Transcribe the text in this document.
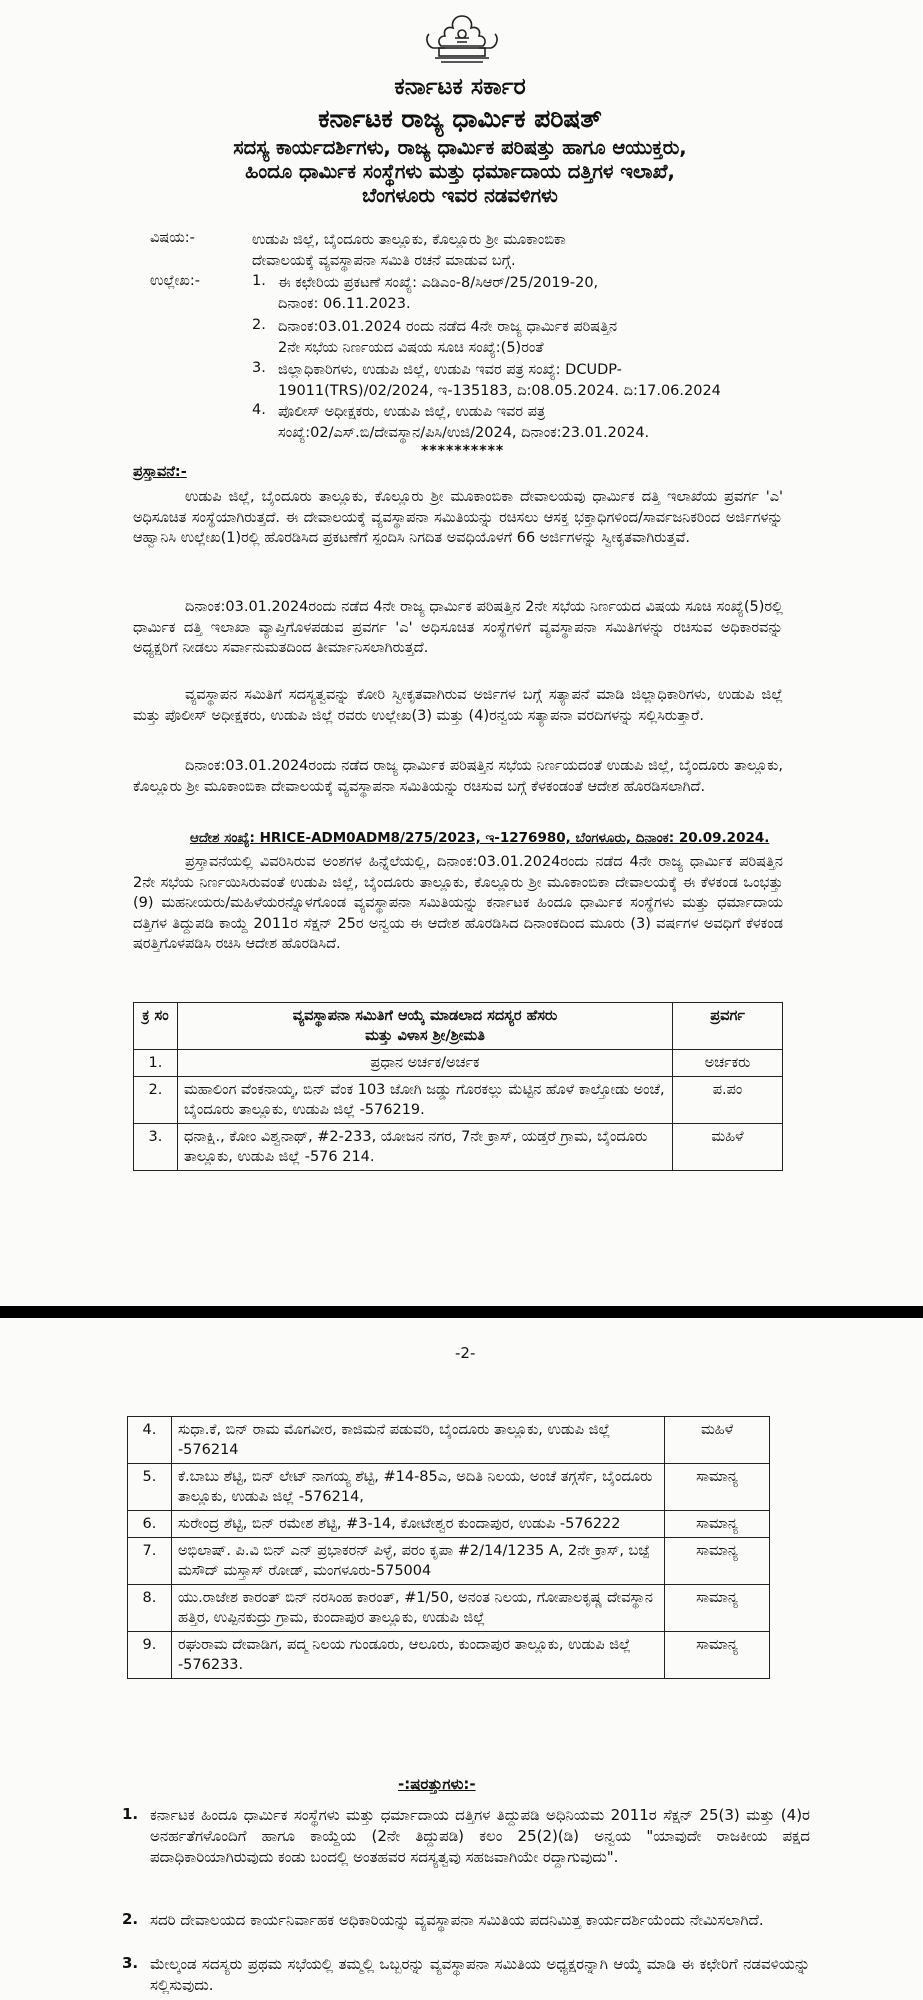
ಕರ್ನಾಟಕ ಸರ್ಕಾರ
ಕರ್ನಾಟಕ ರಾಜ್ಯ ಧಾರ್ಮಿಕ ಪರಿಷತ್
ಸದಸ್ಯ ಕಾರ್ಯದರ್ಶಿಗಳು, ರಾಜ್ಯ ಧಾರ್ಮಿಕ ಪರಿಷತ್ತು ಹಾಗೂ ಆಯುಕ್ತರು,
ಹಿಂದೂ ಧಾರ್ಮಿಕ ಸಂಸ್ಥೆಗಳು ಮತ್ತು ಧರ್ಮಾದಾಯ ದತ್ತಿಗಳ ಇಲಾಖೆ,
ಬೆಂಗಳೂರು ಇವರ ನಡವಳಿಗಳು
ವಿಷಯ:-	ಉಡುಪಿ ಜಿಲ್ಲೆ, ಬೈಂದೂರು ತಾಲ್ಲೂಕು, ಕೊಲ್ಲೂರು ಶ್ರೀ ಮೂಕಾಂಬಿಕಾ
ದೇವಾಲಯಕ್ಕೆ ವ್ಯವಸ್ಥಾಪನಾ ಸಮಿತಿ ರಚನೆ ಮಾಡುವ ಬಗ್ಗೆ.
ಉಲ್ಲೇಖ:-	1. ಈ ಕಛೇರಿಯ ಪ್ರಕಟಣೆ ಸಂಖ್ಯೆ: ಎಡಿಎಂ-8/ಸಿಆರ್/25/2019-20,
ದಿನಾಂಕ: 06.11.2023.
2. ದಿನಾಂಕ:03.01.2024 ರಂದು ನಡೆದ 4ನೇ ರಾಜ್ಯ ಧಾರ್ಮಿಕ ಪರಿಷತ್ತಿನ
2ನೇ ಸಭೆಯ ನಿರ್ಣಯದ ವಿಷಯ ಸೂಚಿ ಸಂಖ್ಯೆ:(5)ರಂತೆ
3. ಜಿಲ್ಲಾಧಿಕಾರಿಗಳು, ಉಡುಪಿ ಜಿಲ್ಲೆ, ಉಡುಪಿ ಇವರ ಪತ್ರ ಸಂಖ್ಯೆ: DCUDP-
19011(TRS)/02/2024, ಇ-135183, ದಿ:08.05.2024. ದಿ:17.06.2024
4. ಪೊಲೀಸ್ ಅಧೀಕ್ಷಕರು, ಉಡುಪಿ ಜಿಲ್ಲೆ, ಉಡುಪಿ ಇವರ ಪತ್ರ
ಸಂಖ್ಯೆ:02/ಎಸ್.ಬಿ/ದೇವಸ್ಥಾನ/ಪಿಸಿ/ಉಜಿ/2024, ದಿನಾಂಕ:23.01.2024.
**********
ಪ್ರಸ್ತಾವನೆ:-
ಉಡುಪಿ ಜಿಲ್ಲೆ, ಬೈಂದೂರು ತಾಲ್ಲೂಕು, ಕೊಲ್ಲೂರು ಶ್ರೀ ಮೂಕಾಂಬಿಕಾ ದೇವಾಲಯವು ಧಾರ್ಮಿಕ ದತ್ತಿ ಇಲಾಖೆಯ ಪ್ರವರ್ಗ 'ಎ' ಅಧಿಸೂಚಿತ ಸಂಸ್ಥೆಯಾಗಿರುತ್ತದೆ. ಈ ದೇವಾಲಯಕ್ಕೆ ವ್ಯವಸ್ಥಾಪನಾ ಸಮಿತಿಯನ್ನು ರಚಿಸಲು ಆಸಕ್ತ ಭಕ್ತಾಧಿಗಳಿಂದ/ಸಾರ್ವಜನಿಕರಿಂದ ಅರ್ಜಿಗಳನ್ನು ಆಹ್ವಾನಿಸಿ ಉಲ್ಲೇಖ(1)ರಲ್ಲಿ ಹೊರಡಿಸಿದ ಪ್ರಕಟಣೆಗೆ ಸ್ಪಂದಿಸಿ ನಿಗದಿತ ಅವಧಿಯೊಳಗೆ 66 ಅರ್ಜಿಗಳನ್ನು ಸ್ವೀಕೃತವಾಗಿರುತ್ತವೆ.
ದಿನಾಂಕ:03.01.2024ರಂದು ನಡೆದ 4ನೇ ರಾಜ್ಯ ಧಾರ್ಮಿಕ ಪರಿಷತ್ತಿನ 2ನೇ ಸಭೆಯ ನಿರ್ಣಯದ ವಿಷಯ ಸೂಚಿ ಸಂಖ್ಯೆ(5)ರಲ್ಲಿ ಧಾರ್ಮಿಕ ದತ್ತಿ ಇಲಾಖಾ ವ್ಯಾಪ್ತಿಗೊಳಪಡುವ ಪ್ರವರ್ಗ 'ಎ' ಅಧಿಸೂಚಿತ ಸಂಸ್ಥೆಗಳಿಗೆ ವ್ಯವಸ್ಥಾಪನಾ ಸಮಿತಿಗಳನ್ನು ರಚಿಸುವ ಅಧಿಕಾರವನ್ನು ಅಧ್ಯಕ್ಷರಿಗೆ ನೀಡಲು ಸರ್ವಾನುಮತದಿಂದ ತೀರ್ಮಾನಿಸಲಾಗಿರುತ್ತದೆ.
ವ್ಯವಸ್ಥಾಪನ ಸಮಿತಿಗೆ ಸದಸ್ಯತ್ವವನ್ನು ಕೋರಿ ಸ್ವೀಕೃತವಾಗಿರುವ ಅರ್ಜಿಗಳ ಬಗ್ಗೆ ಸತ್ಯಾಪನೆ ಮಾಡಿ ಜಿಲ್ಲಾಧಿಕಾರಿಗಳು, ಉಡುಪಿ ಜಿಲ್ಲೆ ಮತ್ತು ಪೊಲೀಸ್ ಅಧೀಕ್ಷಕರು, ಉಡುಪಿ ಜಿಲ್ಲೆ ರವರು ಉಲ್ಲೇಖ(3) ಮತ್ತು (4)ರನ್ವಯ ಸತ್ಯಾಪನಾ ವರದಿಗಳನ್ನು ಸಲ್ಲಿಸಿರುತ್ತಾರೆ.
ದಿನಾಂಕ:03.01.2024ರಂದು ನಡೆದ ರಾಜ್ಯ ಧಾರ್ಮಿಕ ಪರಿಷತ್ತಿನ ಸಭೆಯ ನಿರ್ಣಯದಂತೆ ಉಡುಪಿ ಜಿಲ್ಲೆ, ಬೈಂದೂರು ತಾಲ್ಲೂಕು, ಕೊಲ್ಲೂರು ಶ್ರೀ ಮೂಕಾಂಬಿಕಾ ದೇವಾಲಯಕ್ಕೆ ವ್ಯವಸ್ಥಾಪನಾ ಸಮಿತಿಯನ್ನು ರಚಿಸುವ ಬಗ್ಗೆ ಕೆಳಕಂಡಂತೆ ಆದೇಶ ಹೊರಡಿಸಲಾಗಿದೆ.
ಆದೇಶ ಸಂಖ್ಯೆ: HRICE-ADM0ADM8/275/2023, ಇ-1276980, ಬೆಂಗಳೂರು, ದಿನಾಂಕ: 20.09.2024.
ಪ್ರಸ್ತಾವನೆಯಲ್ಲಿ ವಿವರಿಸಿರುವ ಅಂಶಗಳ ಹಿನ್ನೆಲೆಯಲ್ಲಿ, ದಿನಾಂಕ:03.01.2024ರಂದು ನಡೆದ 4ನೇ ರಾಜ್ಯ ಧಾರ್ಮಿಕ ಪರಿಷತ್ತಿನ 2ನೇ ಸಭೆಯ ನಿರ್ಣಯಿಸಿರುವಂತೆ ಉಡುಪಿ ಜಿಲ್ಲೆ, ಬೈಂದೂರು ತಾಲ್ಲೂಕು, ಕೊಲ್ಲೂರು ಶ್ರೀ ಮೂಕಾಂಬಿಕಾ ದೇವಾಲಯಕ್ಕೆ ಈ ಕೆಳಕಂಡ ಒಂಭತ್ತು (9) ಮಹನೀಯರು/ಮಹಿಳೆಯರನ್ನೊಳಗೊಂಡ ವ್ಯವಸ್ಥಾಪನಾ ಸಮಿತಿಯನ್ನು ಕರ್ನಾಟಕ ಹಿಂದೂ ಧಾರ್ಮಿಕ ಸಂಸ್ಥೆಗಳು ಮತ್ತು ಧರ್ಮಾದಾಯ ದತ್ತಿಗಳ ತಿದ್ದುಪಡಿ ಕಾಯ್ದೆ 2011ರ ಸೆಕ್ಷನ್ 25ರ ಅನ್ವಯ ಈ ಆದೇಶ ಹೊರಡಿಸಿದ ದಿನಾಂಕದಿಂದ ಮೂರು (3) ವರ್ಷಗಳ ಅವಧಿಗೆ ಕೆಳಕಂಡ ಷರತ್ತಿಗೊಳಪಡಿಸಿ ರಚಿಸಿ ಆದೇಶ ಹೊರಡಿಸಿದೆ.
ಕ್ರ ಸಂ	ವ್ಯವಸ್ಥಾಪನಾ ಸಮಿತಿಗೆ ಆಯ್ಕೆ ಮಾಡಲಾದ ಸದಸ್ಯರ ಹೆಸರು
ಮತ್ತು ವಿಳಾಸ ಶ್ರೀ/ಶ್ರೀಮತಿ	ಪ್ರವರ್ಗ
1.	ಪ್ರಧಾನ ಅರ್ಚಕ/ಅರ್ಚಕ	ಅರ್ಚಕರು
2.	ಮಹಾಲಿಂಗ ವೆಂಕನಾಯ್ಕ, ಬಿನ್ ವೆಂಕ 103 ಜೋಗಿ ಜಡ್ಡು ಗೊರಕಲ್ಲು ಮೆಟ್ಟಿನ ಹೊಳೆ ಕಾಲ್ತೋಡು ಅಂಚೆ, ಬೈಂದೂರು ತಾಲ್ಲೂಕು, ಉಡುಪಿ ಜಿಲ್ಲೆ -576219.	ಪ.ಪಂ
3.	ಧನಾಕ್ಷಿ., ಕೋಂ ವಿಶ್ವನಾಥ್, #2-233, ಯೋಜನ ನಗರ, 7ನೇ ಕ್ರಾಸ್, ಯಡ್ತರೆ ಗ್ರಾಮ, ಬೈಂದೂರು ತಾಲ್ಲೂಕು, ಉಡುಪಿ ಜಿಲ್ಲೆ -576 214.	ಮಹಿಳೆ
-2-
4.	ಸುಧಾ.ಕೆ, ಬಿನ್ ರಾಮ ಮೊಗವೀರ, ಕಾಜಿಮನೆ ಪಡುವರಿ, ಬೈಂದೂರು ತಾಲ್ಲೂಕು, ಉಡುಪಿ ಜಿಲ್ಲೆ -576214	ಮಹಿಳೆ
5.	ಕೆ.ಬಾಬು ಶೆಟ್ಟಿ, ಬಿನ್ ಲೇಟ್ ನಾಗಯ್ಯ ಶೆಟ್ಟಿ, #14-85ಎ, ಅದಿತಿ ನಿಲಯ, ಅಂಚೆ ತಗ್ಗರ್ಸೆ, ಬೈಂದೂರು ತಾಲ್ಲೂಕು, ಉಡುಪಿ ಜಿಲ್ಲೆ -576214,	ಸಾಮಾನ್ಯ
6.	ಸುರೇಂದ್ರ ಶೆಟ್ಟಿ, ಬಿನ್ ರಮೇಶ ಶೆಟ್ಟಿ, #3-14, ಕೋಟೇಶ್ವರ ಕುಂದಾಪುರ, ಉಡುಪಿ -576222	ಸಾಮಾನ್ಯ
7.	ಅಭಿಲಾಷ್. ಪಿ.ವಿ ಬಿನ್ ಎನ್ ಪ್ರಭಾಕರನ್ ಪಿಳ್ಳೆ, ಪರಂ ಕೃಪಾ #2/14/1235 A, 2ನೇ ಕ್ರಾಸ್, ಬಜ್ಪೆ ಮಸೌದ್ ಮಸ್ತಾಸ್ ರೋಡ್, ಮಂಗಳೂರು-575004	ಸಾಮಾನ್ಯ
8.	ಯು.ರಾಜೇಶ ಕಾರಂತ್ ಬಿನ್ ನರಸಿಂಹ ಕಾರಂತ್, #1/50, ಅನಂತ ನಿಲಯ, ಗೋಪಾಲಕೃಷ್ಣ ದೇವಸ್ಥಾನ ಹತ್ತಿರ, ಉಪ್ಪಿನಕುದ್ರು ಗ್ರಾಮ, ಕುಂದಾಪುರ ತಾಲ್ಲೂಕು, ಉಡುಪಿ ಜಿಲ್ಲೆ	ಸಾಮಾನ್ಯ
9.	ರಘುರಾಮ ದೇವಾಡಿಗ, ಪದ್ಮ ನಿಲಯ ಗುಂಡೂರು, ಆಲೂರು, ಕುಂದಾಪುರ ತಾಲ್ಲೂಕು, ಉಡುಪಿ ಜಿಲ್ಲೆ -576233.	ಸಾಮಾನ್ಯ
-:ಷರತ್ತುಗಳು:-
1. ಕರ್ನಾಟಕ ಹಿಂದೂ ಧಾರ್ಮಿಕ ಸಂಸ್ಥೆಗಳು ಮತ್ತು ಧರ್ಮಾದಾಯ ದತ್ತಿಗಳ ತಿದ್ದುಪಡಿ ಅಧಿನಿಯಮ 2011ರ ಸೆಕ್ಷನ್ 25(3) ಮತ್ತು (4)ರ ಅನರ್ಹತೆಗಳೊಂದಿಗೆ ಹಾಗೂ ಕಾಯ್ದೆಯ (2ನೇ ತಿದ್ದುಪಡಿ) ಕಲಂ 25(2)(ಡಿ) ಅನ್ವಯ "ಯಾವುದೇ ರಾಜಕೀಯ ಪಕ್ಷದ ಪದಾಧಿಕಾರಿಯಾಗಿರುವುದು ಕಂಡು ಬಂದಲ್ಲಿ ಅಂತಹವರ ಸದಸ್ಯತ್ವವು ಸಹಜವಾಗಿಯೇ ರದ್ದಾಗುವುದು".
2. ಸದರಿ ದೇವಾಲಯದ ಕಾರ್ಯನಿರ್ವಾಹಕ ಅಧಿಕಾರಿಯನ್ನು ವ್ಯವಸ್ಥಾಪನಾ ಸಮಿತಿಯ ಪದನಿಮಿತ್ತ ಕಾರ್ಯದರ್ಶಿಯೆಂದು ನೇಮಿಸಲಾಗಿದೆ.
3. ಮೇಲ್ಕಂಡ ಸದಸ್ಯರು ಪ್ರಥಮ ಸಭೆಯಲ್ಲಿ ತಮ್ಮಲ್ಲಿ ಒಬ್ಬರನ್ನು ವ್ಯವಸ್ಥಾಪನಾ ಸಮಿತಿಯ ಅಧ್ಯಕ್ಷರನ್ನಾಗಿ ಆಯ್ಕೆ ಮಾಡಿ ಈ ಕಛೇರಿಗೆ ನಡವಳಿಯನ್ನು ಸಲ್ಲಿಸುವುದು.
